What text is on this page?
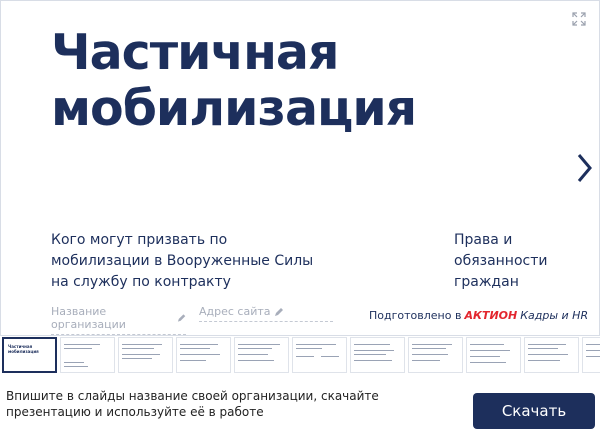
Частичная
мобилизация
Кого могут призвать по мобилизации в Вооруженные Силы на службу по контракту
Права и обязанности граждан
Название организации
Адрес сайта	Подготовлено в АКТИОН Кадры и HR
Частичная мобилизация
Впишите в слайды название своей организации, скачайте презентацию и используйте её в работе	Скачать
